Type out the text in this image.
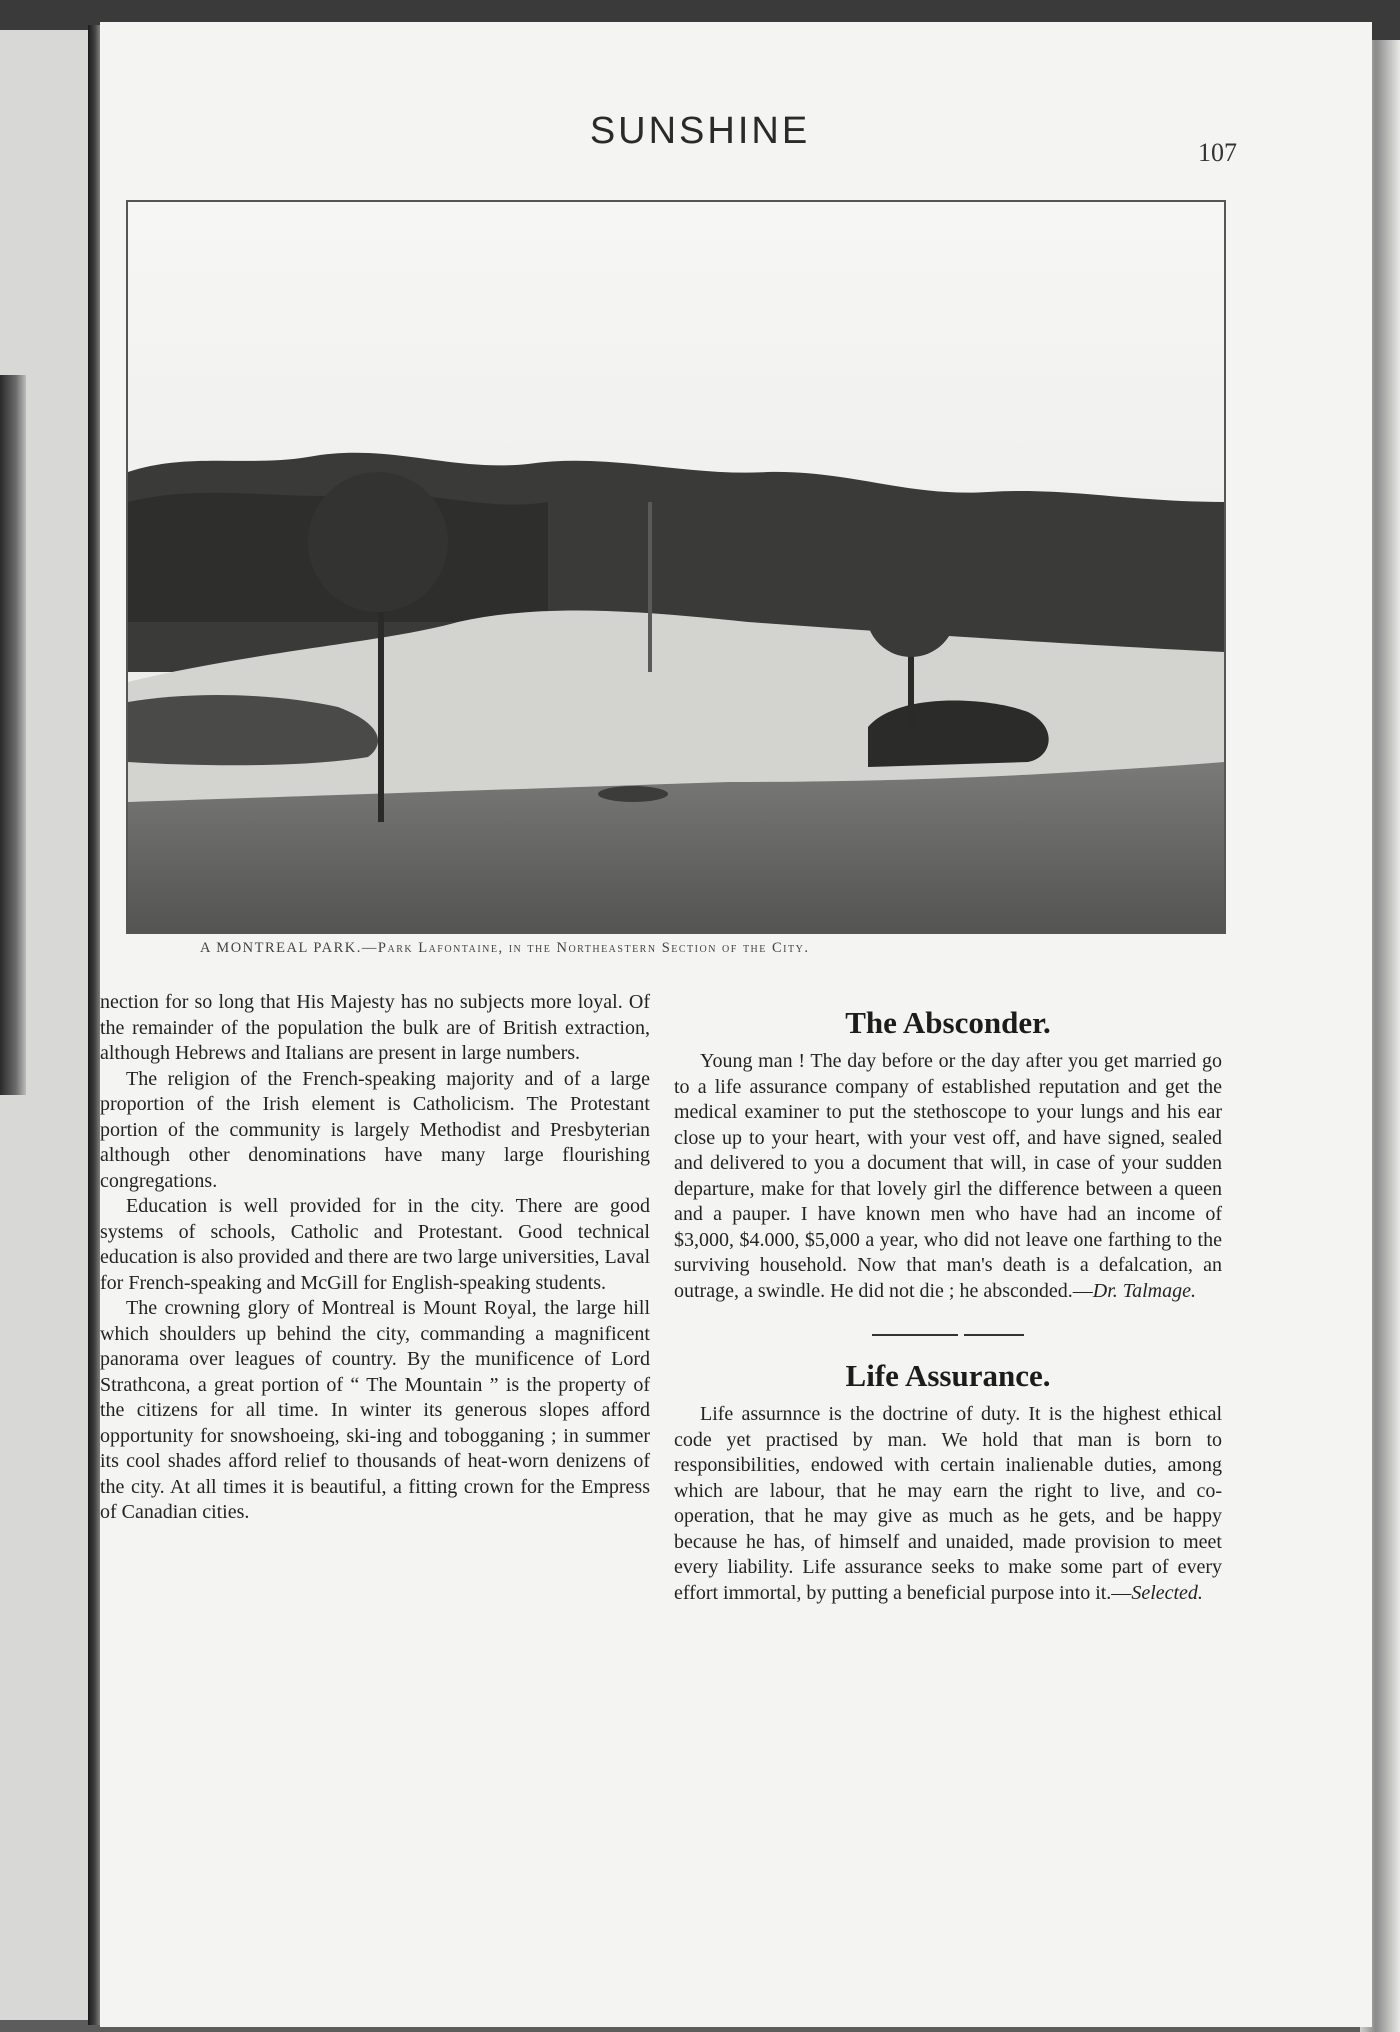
SUNSHINE
107
A MONTREAL PARK.—Park Lafontaine, in the Northeastern Section of the City.

nection for so long that His Majesty has no subjects more loyal. Of the remainder of the population the bulk are of British extraction, although Hebrews and Italians are present in large numbers.

The religion of the French-speaking majority and of a large proportion of the Irish element is Catholicism. The Protestant portion of the community is largely Methodist and Presbyterian although other denominations have many large flourishing congregations.

Education is well provided for in the city. There are good systems of schools, Catholic and Protestant. Good technical education is also provided and there are two large universities, Laval for French-speaking and McGill for English-speaking students.

The crowning glory of Montreal is Mount Royal, the large hill which shoulders up behind the city, commanding a magnificent panorama over leagues of country. By the munificence of Lord Strathcona, a great portion of “ The Mountain ” is the property of the citizens for all time. In winter its generous slopes afford opportunity for snowshoeing, ski-ing and tobogganing ; in summer its cool shades afford relief to thousands of heat-worn denizens of the city. At all times it is beautiful, a fitting crown for the Empress of Canadian cities.

The Absconder.

Young man ! The day before or the day after you get married go to a life assurance company of established reputation and get the medical examiner to put the stethoscope to your lungs and his ear close up to your heart, with your vest off, and have signed, sealed and delivered to you a document that will, in case of your sudden departure, make for that lovely girl the difference between a queen and a pauper. I have known men who have had an income of $3,000, $4.000, $5,000 a year, who did not leave one farthing to the surviving household. Now that man's death is a defalcation, an outrage, a swindle. He did not die ; he absconded.—Dr. Talmage.

Life Assurance.

Life assurnnce is the doctrine of duty. It is the highest ethical code yet practised by man. We hold that man is born to responsibilities, endowed with certain inalienable duties, among which are labour, that he may earn the right to live, and co-operation, that he may give as much as he gets, and be happy because he has, of himself and unaided, made provision to meet every liability. Life assurance seeks to make some part of every effort immortal, by putting a beneficial purpose into it.—Selected.
